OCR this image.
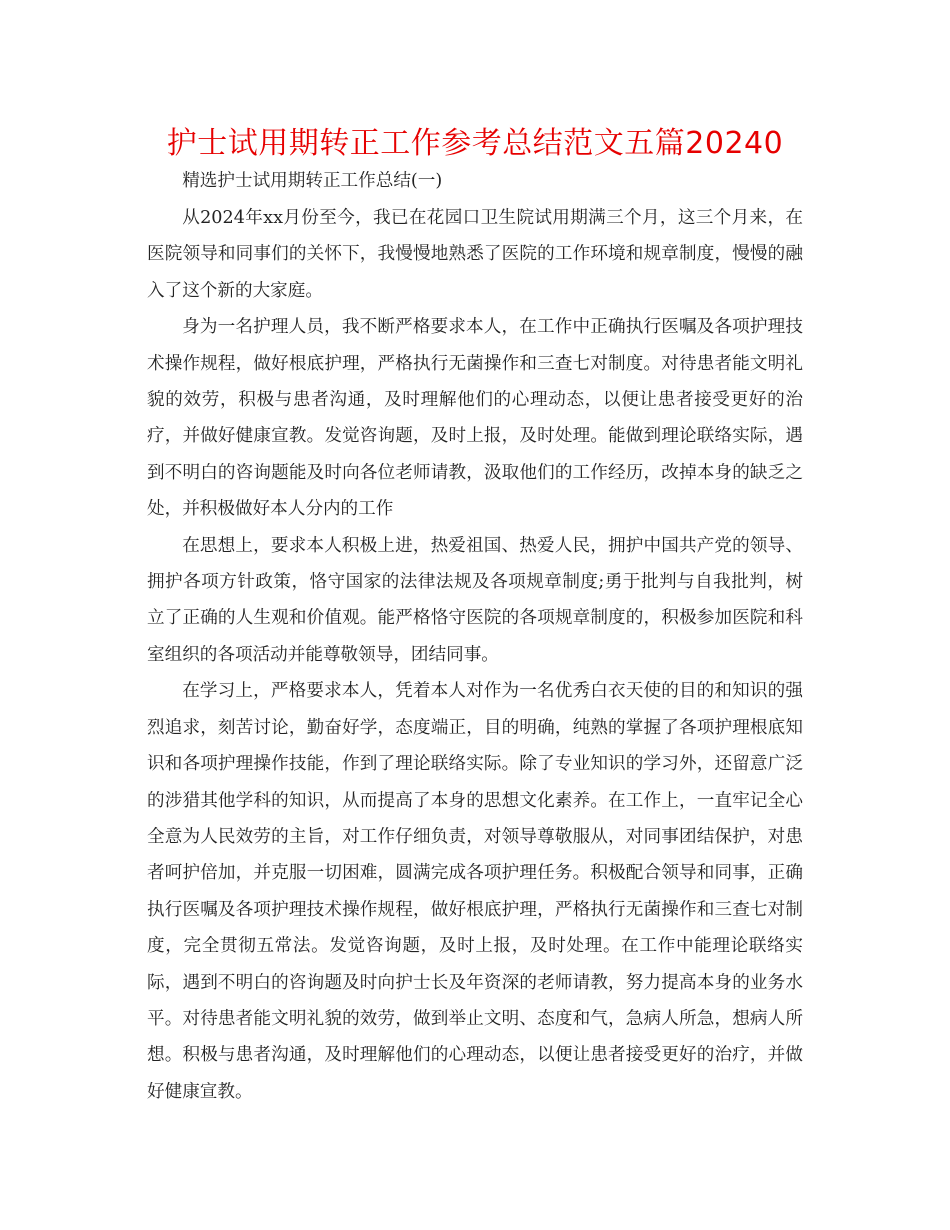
护士试用期转正工作参考总结范文五篇20240

精选护士试用期转正工作总结(一)

从2024年xx月份至今，我已在花园口卫生院试用期满三个月，这三个月来，在医院领导和同事们的关怀下，我慢慢地熟悉了医院的工作环境和规章制度，慢慢的融入了这个新的大家庭。

身为一名护理人员，我不断严格要求本人，在工作中正确执行医嘱及各项护理技术操作规程，做好根底护理，严格执行无菌操作和三查七对制度。对待患者能文明礼貌的效劳，积极与患者沟通，及时理解他们的心理动态，以便让患者接受更好的治疗，并做好健康宣教。发觉咨询题，及时上报，及时处理。能做到理论联络实际，遇到不明白的咨询题能及时向各位老师请教，汲取他们的工作经历，改掉本身的缺乏之处，并积极做好本人分内的工作

在思想上，要求本人积极上进，热爱祖国、热爱人民，拥护中国共产党的领导、拥护各项方针政策，恪守国家的法律法规及各项规章制度;勇于批判与自我批判，树立了正确的人生观和价值观。能严格恪守医院的各项规章制度的，积极参加医院和科室组织的各项活动并能尊敬领导，团结同事。

在学习上，严格要求本人，凭着本人对作为一名优秀白衣天使的目的和知识的强烈追求，刻苦讨论，勤奋好学，态度端正，目的明确，纯熟的掌握了各项护理根底知识和各项护理操作技能，作到了理论联络实际。除了专业知识的学习外，还留意广泛的涉猎其他学科的知识，从而提高了本身的思想文化素养。在工作上，一直牢记全心全意为人民效劳的主旨，对工作仔细负责，对领导尊敬服从，对同事团结保护，对患者呵护倍加，并克服一切困难，圆满完成各项护理任务。积极配合领导和同事，正确执行医嘱及各项护理技术操作规程，做好根底护理，严格执行无菌操作和三查七对制度，完全贯彻五常法。发觉咨询题，及时上报，及时处理。在工作中能理论联络实际，遇到不明白的咨询题及时向护士长及年资深的老师请教，努力提高本身的业务水平。对待患者能文明礼貌的效劳，做到举止文明、态度和气，急病人所急，想病人所想。积极与患者沟通，及时理解他们的心理动态，以便让患者接受更好的治疗，并做好健康宣教。
